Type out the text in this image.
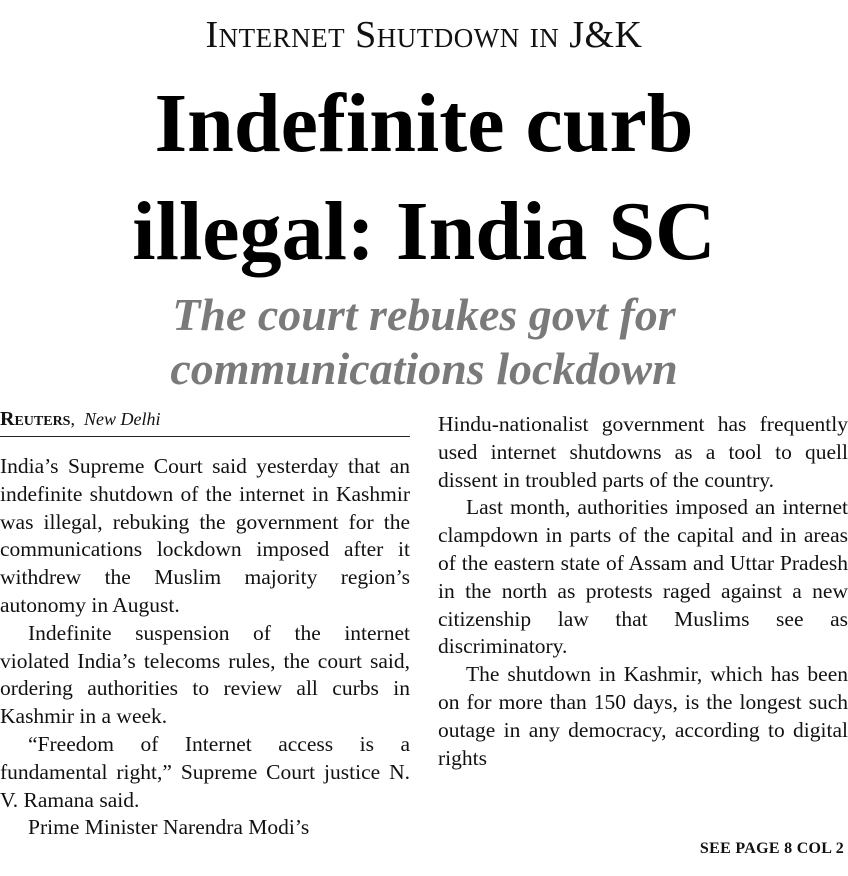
Internet Shutdown in J&K
Indefinite curb
illegal: India SC
The court rebukes govt for
communications lockdown
Reuters,  New Delhi

India’s Supreme Court said yesterday that an indefinite shutdown of the internet in Kashmir was illegal, rebuking the government for the communications lockdown imposed after it withdrew the Muslim majority region’s autonomy in August.

Indefinite suspension of the internet violated India’s telecoms rules, the court said, ordering authorities to review all curbs in Kashmir in a week.

“Freedom of Internet access is a fundamental right,” Supreme Court justice N. V. Ramana said.

Prime Minister Narendra Modi’s

Hindu-nationalist government has frequently used internet shutdowns as a tool to quell dissent in troubled parts of the country.

Last month, authorities imposed an internet clampdown in parts of the capital and in areas of the eastern state of Assam and Uttar Pradesh in the north as protests raged against a new citizenship law that Muslims see as discriminatory.

The shutdown in Kashmir, which has been on for more than 150 days, is the longest such outage in any democracy, according to digital rights

SEE PAGE 8 COL 2
